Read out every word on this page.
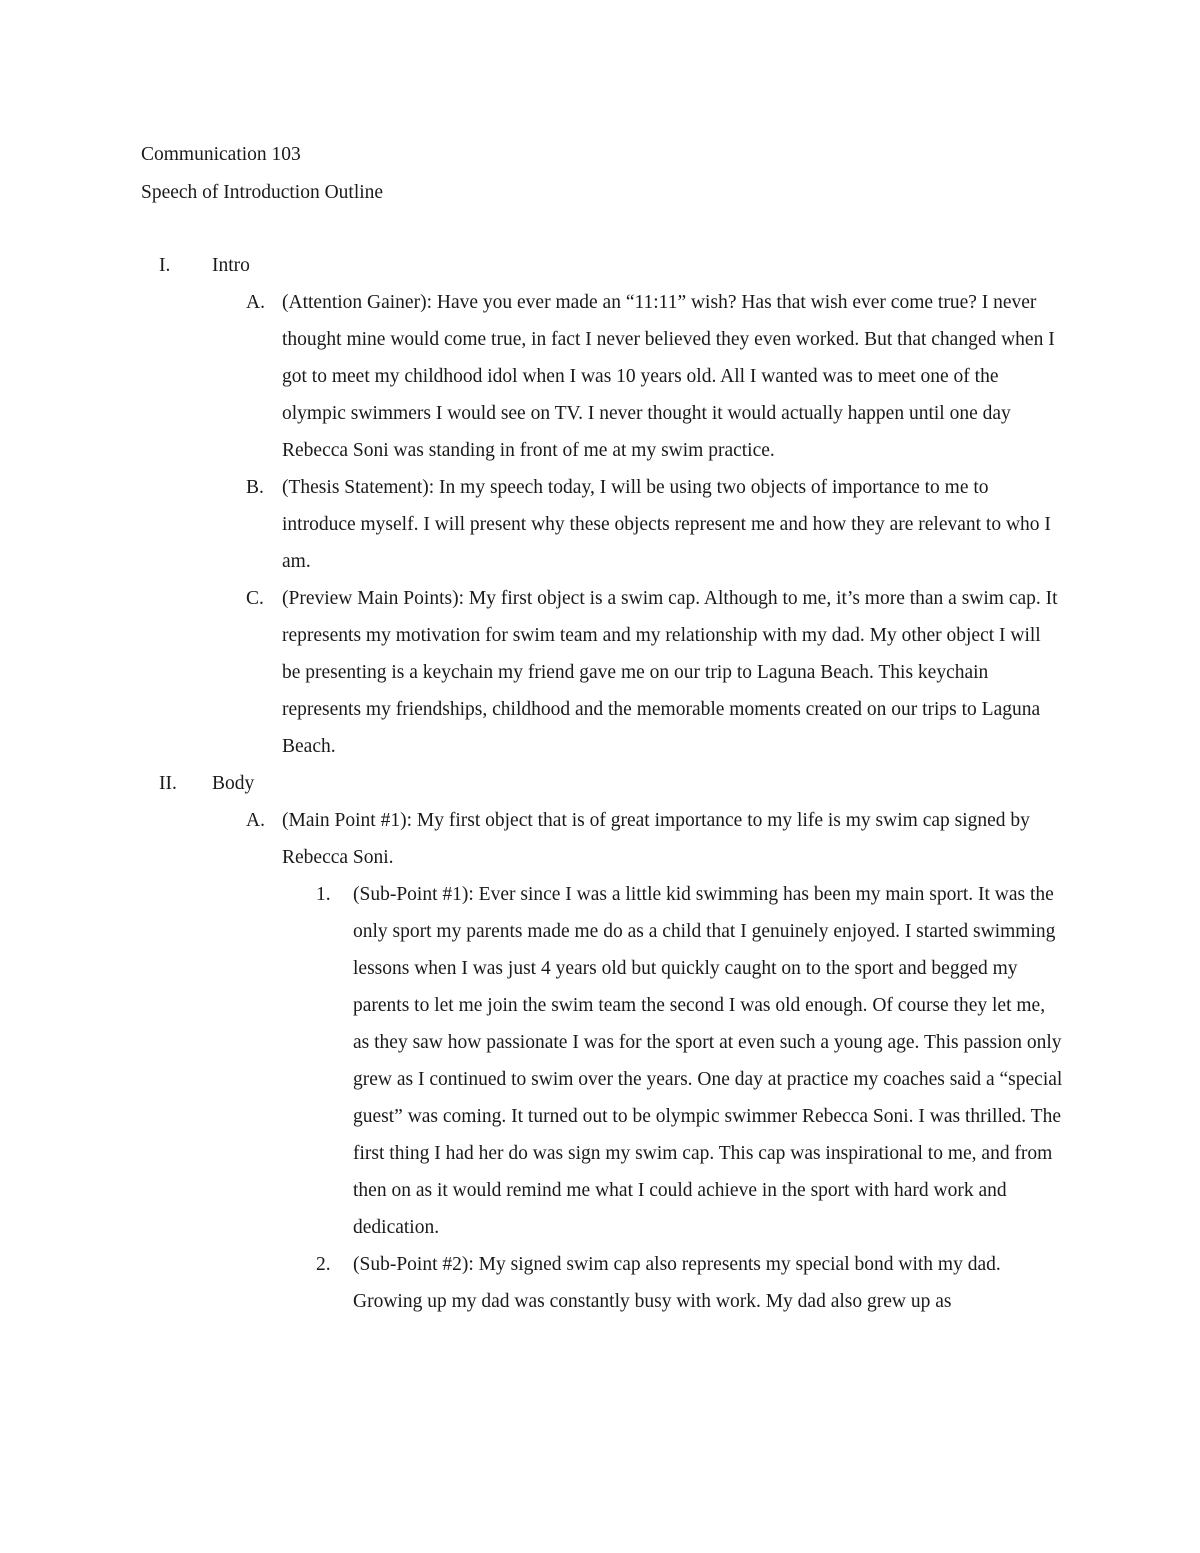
Communication 103
Speech of Introduction Outline
I. Intro
A. (Attention Gainer): Have you ever made an “11:11” wish? Has that wish ever come true? I never thought mine would come true, in fact I never believed they even worked. But that changed when I got to meet my childhood idol when I was 10 years old. All I wanted was to meet one of the olympic swimmers I would see on TV. I never thought it would actually happen until one day Rebecca Soni was standing in front of me at my swim practice.
B. (Thesis Statement): In my speech today, I will be using two objects of importance to me to introduce myself. I will present why these objects represent me and how they are relevant to who I am.
C. (Preview Main Points): My first object is a swim cap. Although to me, it’s more than a swim cap. It represents my motivation for swim team and my relationship with my dad. My other object I will be presenting is a keychain my friend gave me on our trip to Laguna Beach. This keychain represents my friendships, childhood and the memorable moments created on our trips to Laguna Beach.
II. Body
A. (Main Point #1): My first object that is of great importance to my life is my swim cap signed by Rebecca Soni.
1. (Sub-Point #1): Ever since I was a little kid swimming has been my main sport. It was the only sport my parents made me do as a child that I genuinely enjoyed. I started swimming lessons when I was just 4 years old but quickly caught on to the sport and begged my parents to let me join the swim team the second I was old enough. Of course they let me, as they saw how passionate I was for the sport at even such a young age. This passion only grew as I continued to swim over the years. One day at practice my coaches said a “special guest” was coming. It turned out to be olympic swimmer Rebecca Soni. I was thrilled. The first thing I had her do was sign my swim cap. This cap was inspirational to me, and from then on as it would remind me what I could achieve in the sport with hard work and dedication.
2. (Sub-Point #2): My signed swim cap also represents my special bond with my dad. Growing up my dad was constantly busy with work. My dad also grew up as
